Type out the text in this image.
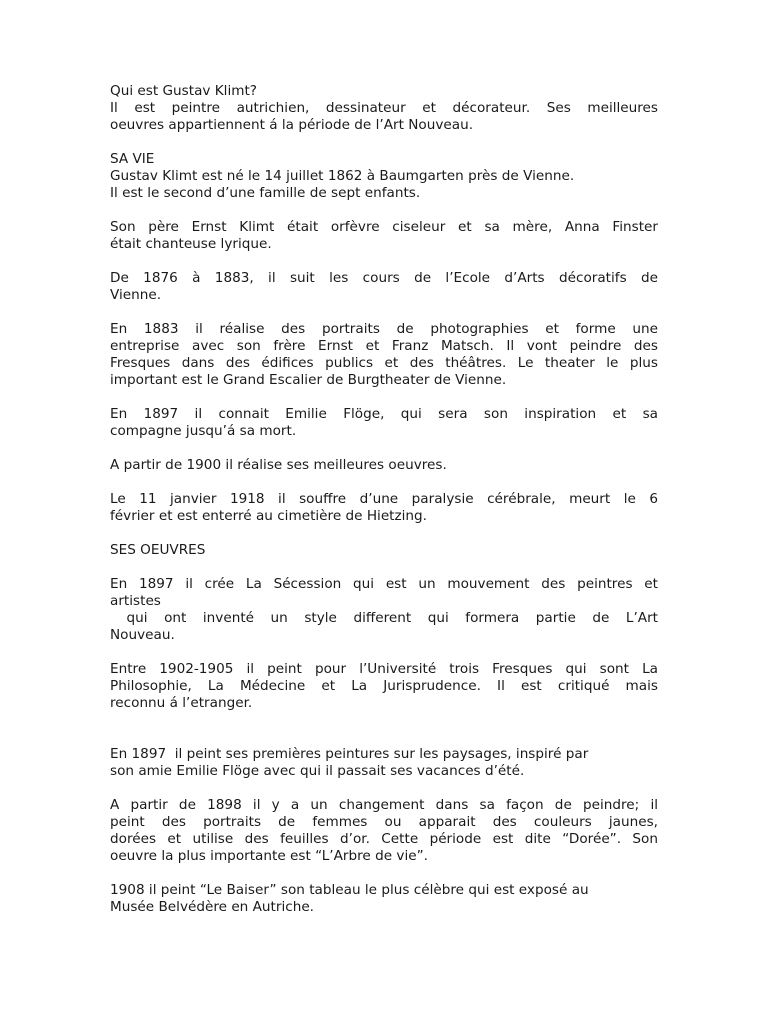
Qui est Gustav Klimt?
Il est peintre autrichien, dessinateur et décorateur. Ses meilleures
oeuvres appartiennent á la période de l’Art Nouveau.
SA VIE
Gustav Klimt est né le 14 juillet 1862 à Baumgarten près de Vienne.
Il est le second d’une famille de sept enfants.
Son père Ernst Klimt était orfèvre ciseleur et sa mère, Anna Finster
était chanteuse lyrique.
De 1876 à 1883, il suit les cours de l’Ecole d’Arts décoratifs de
Vienne.
En 1883 il réalise des portraits de photographies et forme une
entreprise avec son frère Ernst et Franz Matsch. Il vont peindre des
Fresques dans des édifices publics et des théâtres. Le theater le plus
important est le Grand Escalier de Burgtheater de Vienne.
En 1897 il connait Emilie Flöge, qui sera son inspiration et sa
compagne jusqu’á sa mort.
A partir de 1900 il réalise ses meilleures oeuvres.
Le 11 janvier 1918 il souffre d’une paralysie cérébrale, meurt le 6
février et est enterré au cimetière de Hietzing.
SES OEUVRES
En 1897 il crée La Sécession qui est un mouvement des peintres et
artistes
qui ont inventé un style different qui formera partie de L’Art
Nouveau.
Entre 1902-1905 il peint pour l’Université trois Fresques qui sont La
Philosophie, La Médecine et La Jurisprudence. Il est critiqué mais
reconnu á l’etranger.
En 1897  il peint ses premières peintures sur les paysages, inspiré par
son amie Emilie Flöge avec qui il passait ses vacances d’été.
A partir de 1898 il y a un changement dans sa façon de peindre; il
peint des portraits de femmes ou apparait des couleurs jaunes,
dorées et utilise des feuilles d’or. Cette période est dite “Dorée”. Son
oeuvre la plus importante est “L’Arbre de vie”.
1908 il peint “Le Baiser” son tableau le plus célèbre qui est exposé au
Musée Belvédère en Autriche.
